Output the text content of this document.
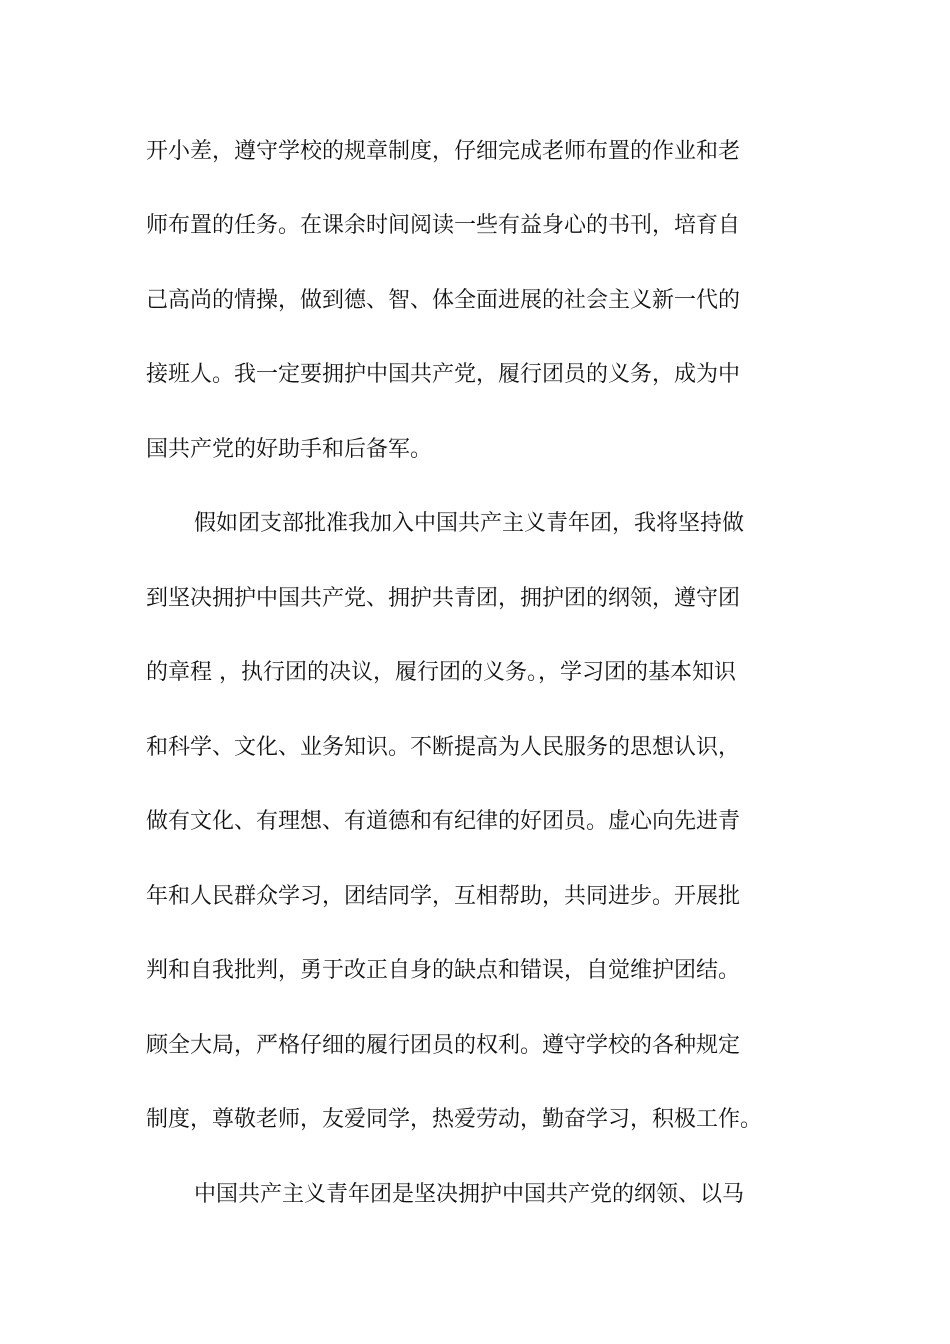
开小差，遵守学校的规章制度，仔细完成老师布置的作业和老
师布置的任务。在课余时间阅读一些有益身心的书刊，培育自
己高尚的情操，做到德、智、体全面进展的社会主义新一代的
接班人。我一定要拥护中国共产党，履行团员的义务，成为中
国共产党的好助手和后备军。
假如团支部批准我加入中国共产主义青年团，我将坚持做
到坚决拥护中国共产党、拥护共青团，拥护团的纲领，遵守团
的章程 ，执行团的决议，履行团的义务。，学习团的基本知识
和科学、文化、业务知识。不断提高为人民服务的思想认识，
做有文化、有理想、有道德和有纪律的好团员。虚心向先进青
年和人民群众学习，团结同学，互相帮助，共同进步。开展批
判和自我批判，勇于改正自身的缺点和错误，自觉维护团结。
顾全大局，严格仔细的履行团员的权利。遵守学校的各种规定
制度，尊敬老师，友爱同学，热爱劳动，勤奋学习，积极工作。
中国共产主义青年团是坚决拥护中国共产党的纲领、以马
